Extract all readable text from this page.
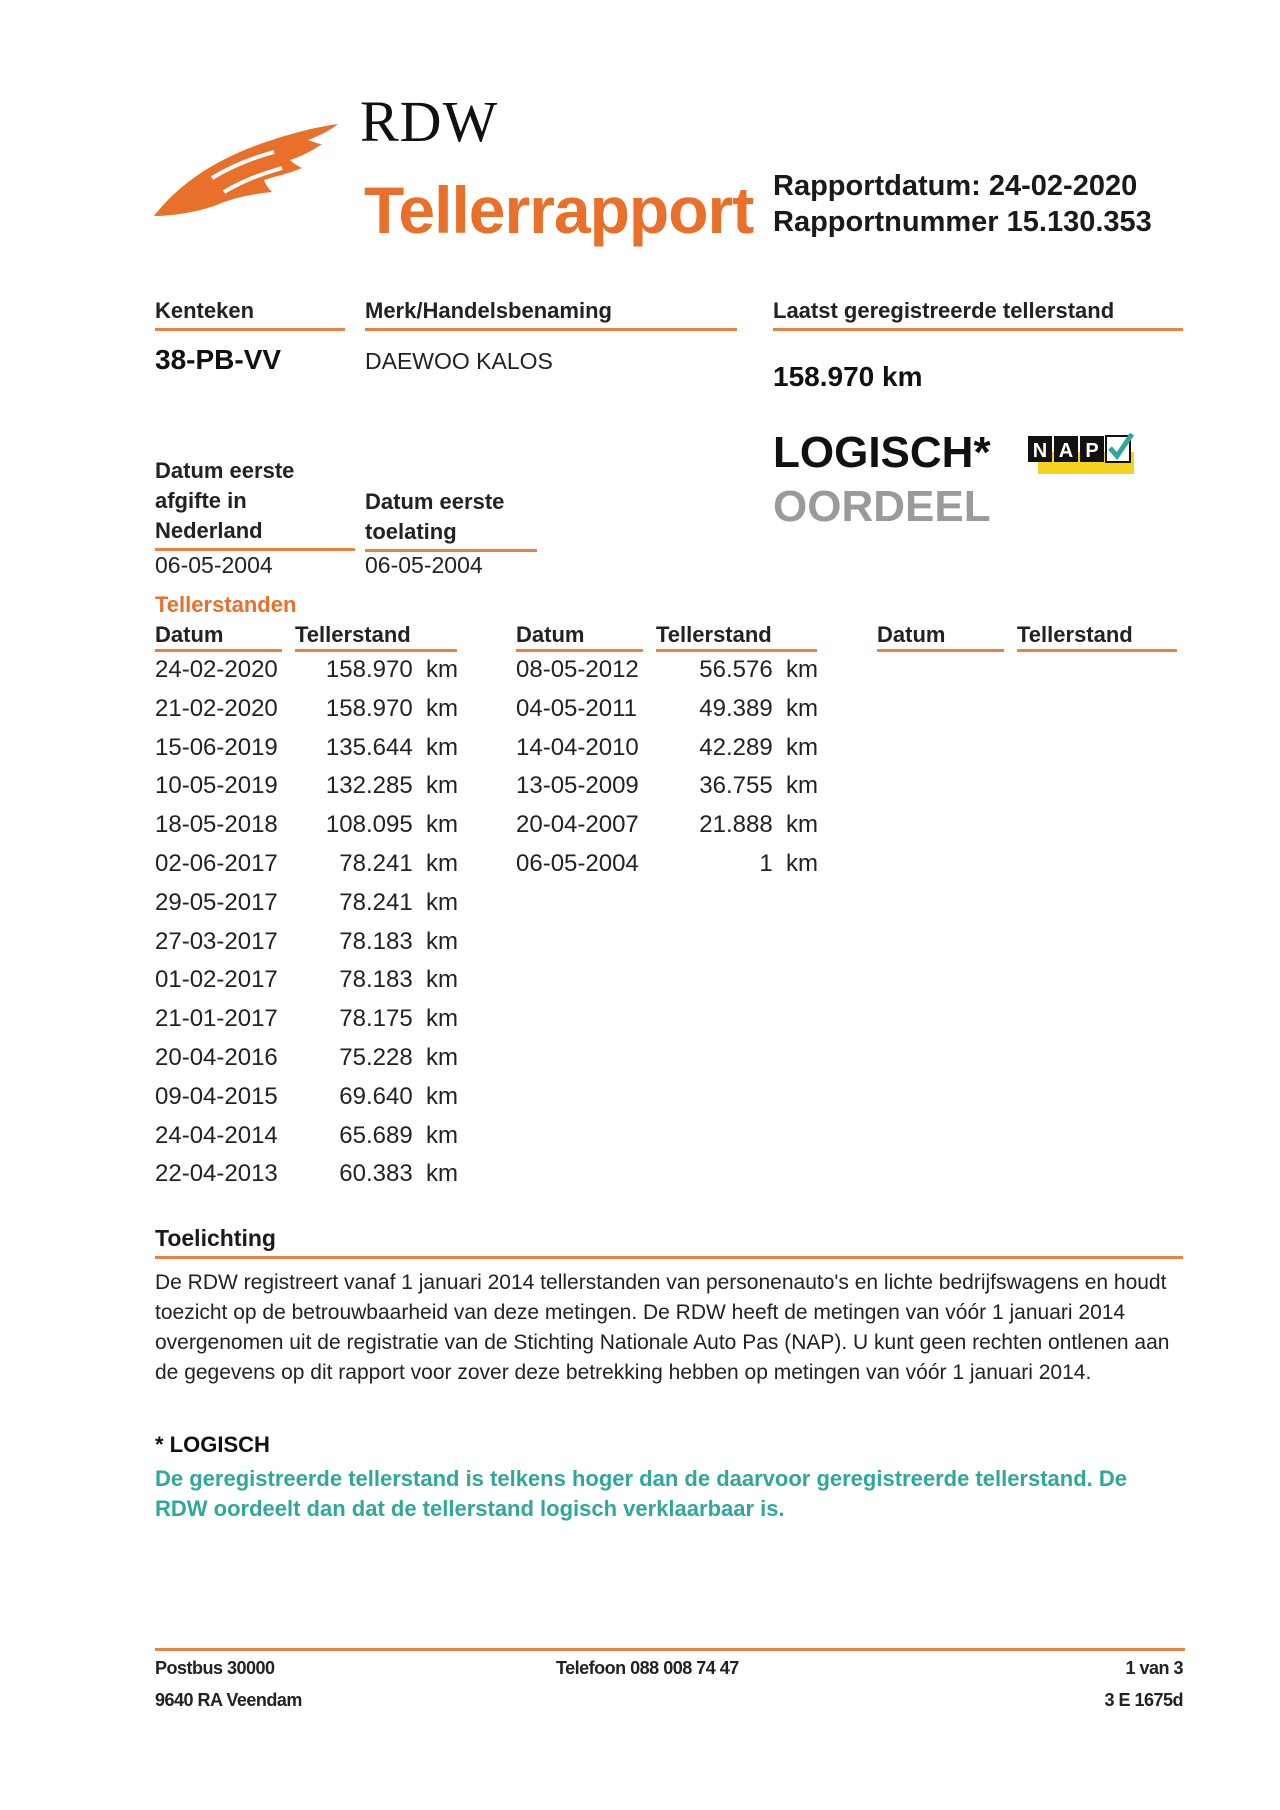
RDW
Tellerrapport Rapportdatum: 24-02-2020
Rapportnummer 15.130.353
Kenteken	Merk/Handelsbenaming	Laatst geregistreerde tellerstand
38-PB-VV	DAEWOO KALOS	158.970 km
LOGISCH*
OORDEEL
N A P
Datum eerste
afgifte in
Nederland
Datum eerste
toelating
06-05-2004	06-05-2004
Tellerstanden
Datum	Tellerstand	Datum	Tellerstand	Datum	Tellerstand
24-02-2020 158.970  km
21-02-2020 158.970  km
15-06-2019 135.644  km
10-05-2019 132.285  km
18-05-2018 108.095  km
02-06-2017	78.241  km
29-05-2017	78.241  km
27-03-2017	78.183  km
01-02-2017	78.183  km
21-01-2017	78.175  km
20-04-2016	75.228  km
09-04-2015	69.640  km
24-04-2014	65.689  km
22-04-2013	60.383  km
08-05-2012	56.576  km
04-05-2011	49.389  km
14-04-2010	42.289  km
13-05-2009	36.755  km
20-04-2007	21.888  km
06-05-2004	1  km
Toelichting
De RDW registreert vanaf 1 januari 2014 tellerstanden van personenauto's en lichte bedrijfswagens en houdt toezicht op de betrouwbaarheid van deze metingen. De RDW heeft de metingen van vóór 1 januari 2014 overgenomen uit de registratie van de Stichting Nationale Auto Pas (NAP). U kunt geen rechten ontlenen aan de gegevens op dit rapport voor zover deze betrekking hebben op metingen van vóór 1 januari 2014.
* LOGISCH
De geregistreerde tellerstand is telkens hoger dan de daarvoor geregistreerde tellerstand. De RDW oordeelt dan dat de tellerstand logisch verklaarbaar is.
Postbus 30000
9640 RA Veendam
Telefoon 088 008 74 47	1 van 3
3 E 1675d
